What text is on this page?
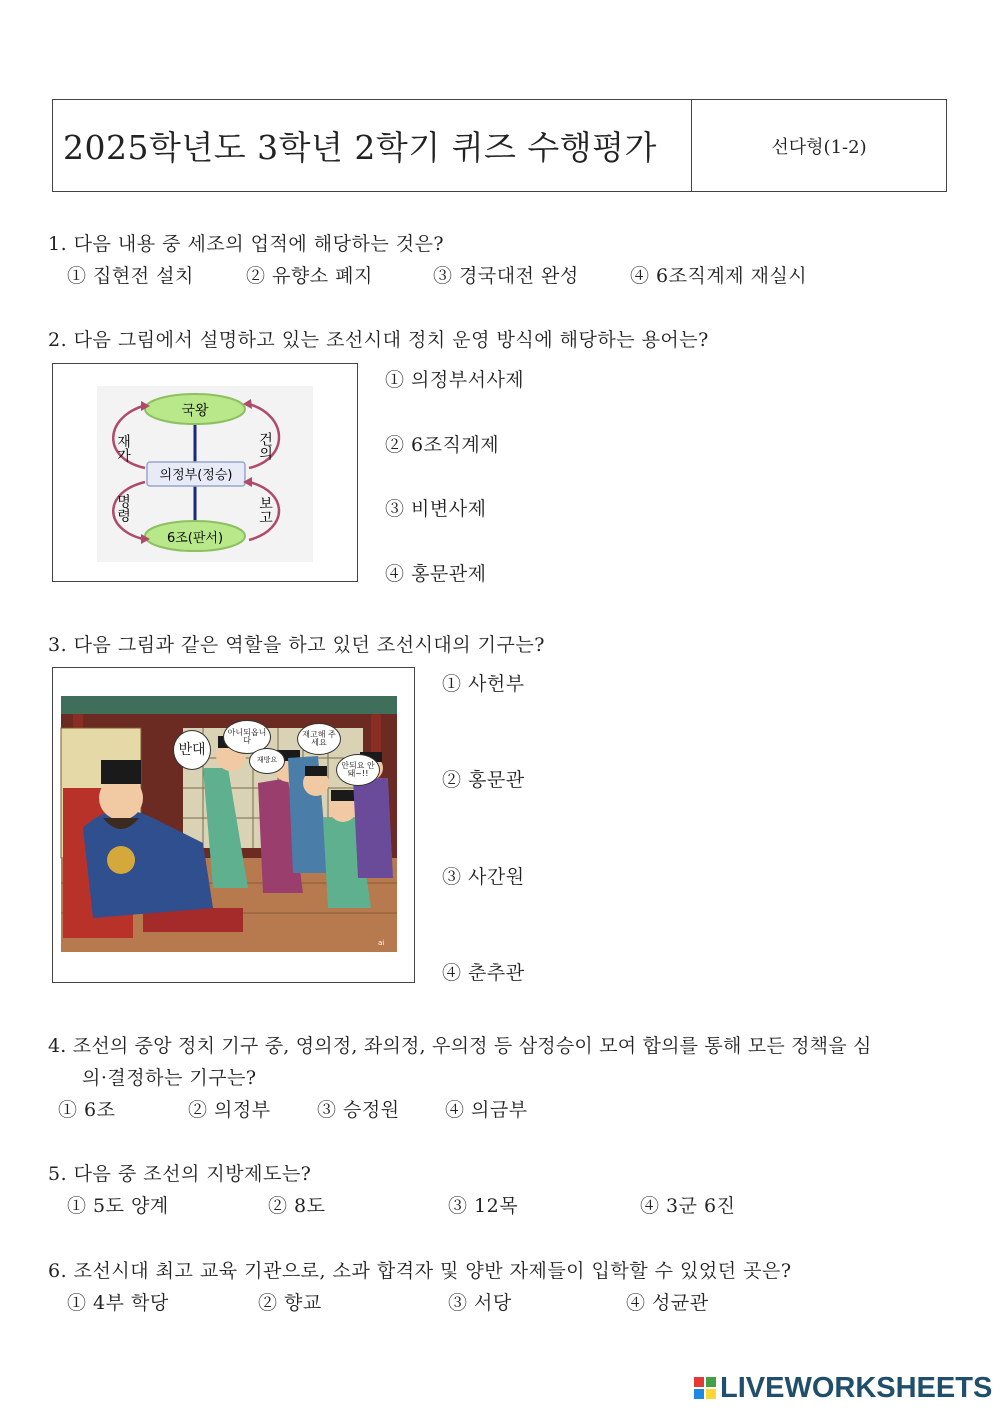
2025학년도 3학년 2학기 퀴즈 수행평가	선다형(1-2)
1. 다음 내용 중 세조의 업적에 해당하는 것은?
① 집현전 설치	② 유향소 폐지	③ 경국대전 완성	④ 6조직계제 재실시
2. 다음 그림에서 설명하고 있는 조선시대 정치 운영 방식에 해당하는 용어는?
국왕
의정부(정승)
6조(판서)
재가	건의
명령	보고
① 의정부서사제
② 6조직계제
③ 비변사제
④ 홍문관제
3. 다음 그림과 같은 역할을 하고 있던 조선시대의 기구는?
ai
반대
아니되옵니다
재고해 주세요
재방요
안되요 안돼~!!
① 사헌부
② 홍문관
③ 사간원
④ 춘추관
4. 조선의 중앙 정치 기구 중, 영의정, 좌의정, 우의정 등 삼정승이 모여 합의를 통해 모든 정책을 심
의·결정하는 기구는?
① 6조	② 의정부 ③ 승정원 ④ 의금부
5. 다음 중 조선의 지방제도는?
① 5도 양계	② 8도	③ 12목	④ 3군 6진
6. 조선시대 최고 교육 기관으로, 소과 합격자 및 양반 자제들이 입학할 수 있었던 곳은?
① 4부 학당	② 향교	③ 서당	④ 성균관
LIVEWORKSHEETS
